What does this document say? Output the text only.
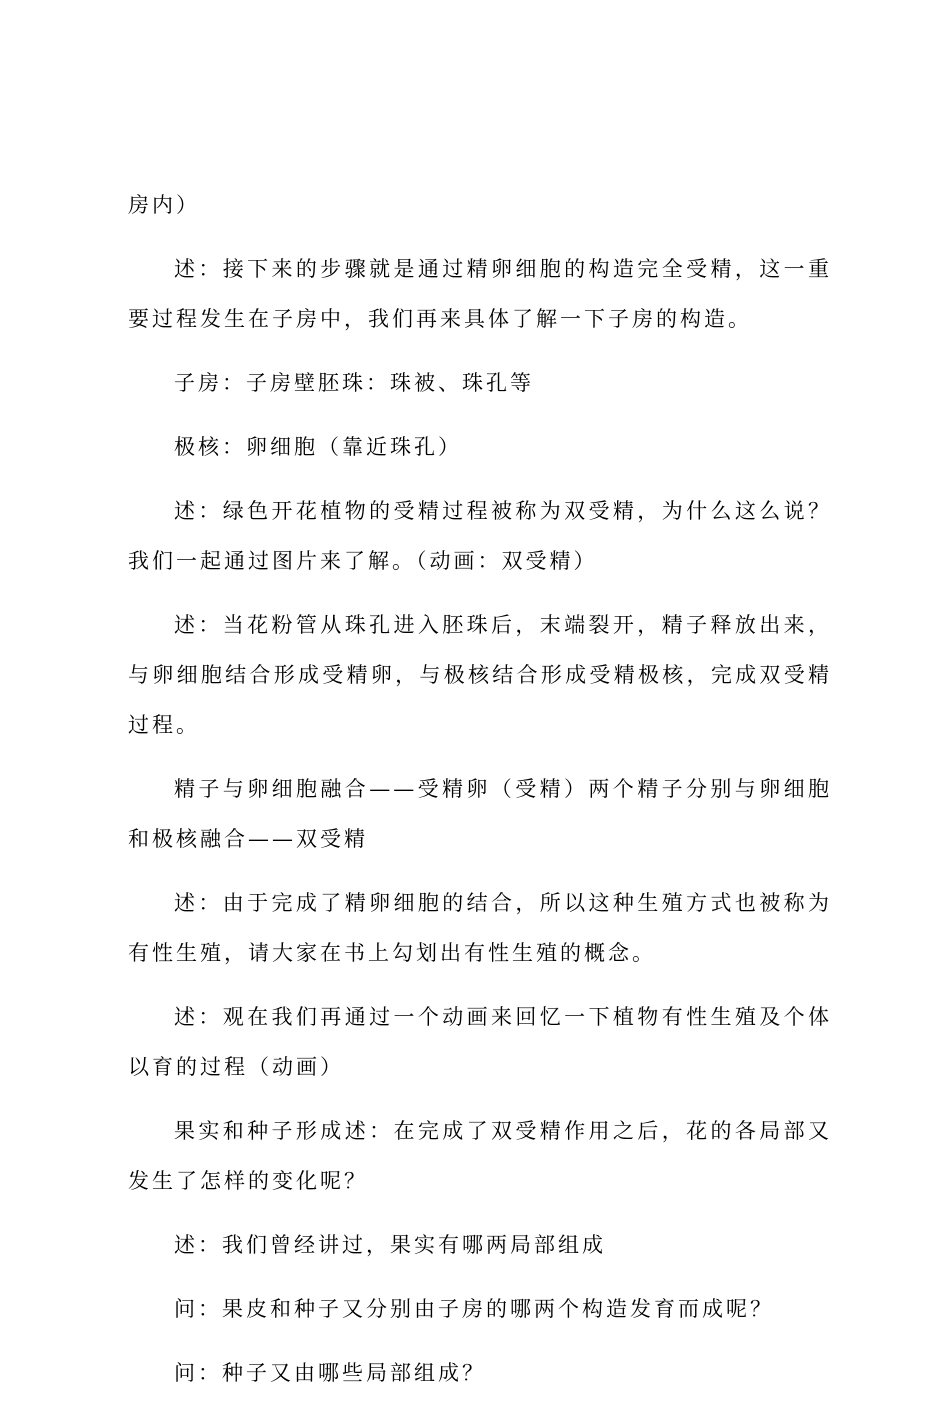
房内）

述：接下来的步骤就是通过精卵细胞的构造完全受精，这一重要过程发生在子房中，我们再来具体了解一下子房的构造。

子房：子房壁胚珠：珠被、珠孔等

极核：卵细胞（靠近珠孔）

述：绿色开花植物的受精过程被称为双受精，为什么这么说？我们一起通过图片来了解。（动画：双受精）

述：当花粉管从珠孔进入胚珠后，末端裂开，精子释放出来，与卵细胞结合形成受精卵，与极核结合形成受精极核，完成双受精过程。

精子与卵细胞融合——受精卵（受精）两个精子分别与卵细胞和极核融合——双受精

述：由于完成了精卵细胞的结合，所以这种生殖方式也被称为有性生殖，请大家在书上勾划出有性生殖的概念。

述：观在我们再通过一个动画来回忆一下植物有性生殖及个体以育的过程（动画）

果实和种子形成述：在完成了双受精作用之后，花的各局部又发生了怎样的变化呢？

述：我们曾经讲过，果实有哪两局部组成

问：果皮和种子又分别由子房的哪两个构造发育而成呢？

问：种子又由哪些局部组成？
